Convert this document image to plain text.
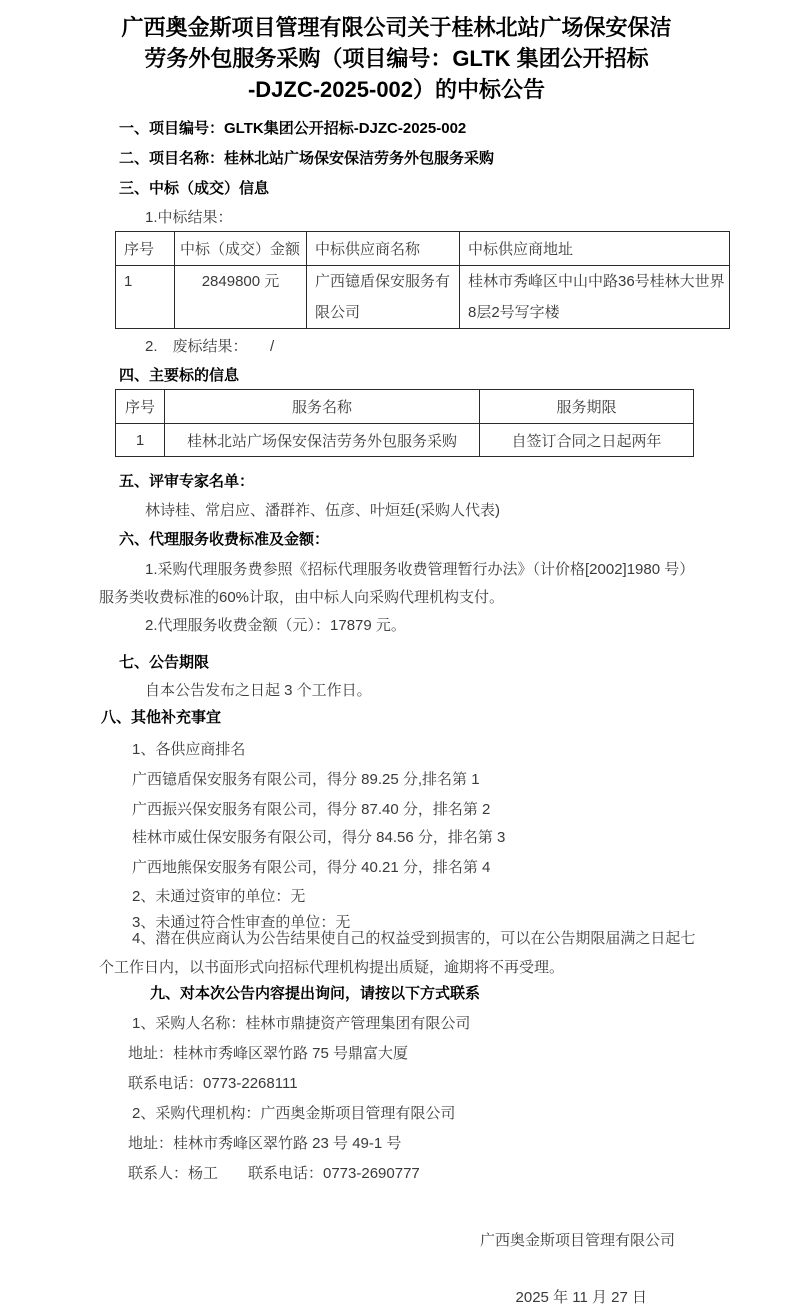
广西奥金斯项目管理有限公司关于桂林北站广场保安保洁
劳务外包服务采购（项目编号：GLTK 集团公开招标
-DJZC-2025-002）的中标公告

一、项目编号：GLTK集团公开招标-DJZC-2025-002

二、项目名称：桂林北站广场保安保洁劳务外包服务采购

三、中标（成交）信息

1.中标结果：

序号	中标（成交）金额	中标供应商名称	中标供应商地址
1	2849800 元	广西镱盾保安服务有限公司	桂林市秀峰区中山中路36号桂林大世界8层2号写字楼

2.　废标结果：　　/

四、主要标的信息

序号	服务名称	服务期限
1	桂林北站广场保安保洁劳务外包服务采购	自签订合同之日起两年

五、评审专家名单：

林诗桂、常启应、潘群祚、伍彦、叶烜廷(采购人代表)

六、代理服务收费标准及金额：

1.采购代理服务费参照《招标代理服务收费管理暂行办法》（计价格[2002]1980 号）

服务类收费标准的60%计取，由中标人向采购代理机构支付。

2.代理服务收费金额（元）：17879 元。

七、公告期限

自本公告发布之日起 3 个工作日。

八、其他补充事宜

1、各供应商排名

广西镱盾保安服务有限公司，得分 89.25 分,排名第 1

广西振兴保安服务有限公司，得分 87.40 分，排名第 2

桂林市威仕保安服务有限公司，得分 84.56 分，排名第 3

广西地熊保安服务有限公司，得分 40.21 分，排名第 4

2、未通过资审的单位：无

3、未通过符合性审查的单位：无

4、潜在供应商认为公告结果使自己的权益受到损害的，可以在公告期限届满之日起七

个工作日内，以书面形式向招标代理机构提出质疑，逾期将不再受理。

九、对本次公告内容提出询问，请按以下方式联系

1、采购人名称：桂林市鼎捷资产管理集团有限公司

地址：桂林市秀峰区翠竹路 75 号鼎富大厦

联系电话：0773-2268111

2、采购代理机构：广西奥金斯项目管理有限公司

地址：桂林市秀峰区翠竹路 23 号 49-1 号

联系人：杨工　　联系电话：0773-2690777

广西奥金斯项目管理有限公司

2025 年 11 月 27 日
